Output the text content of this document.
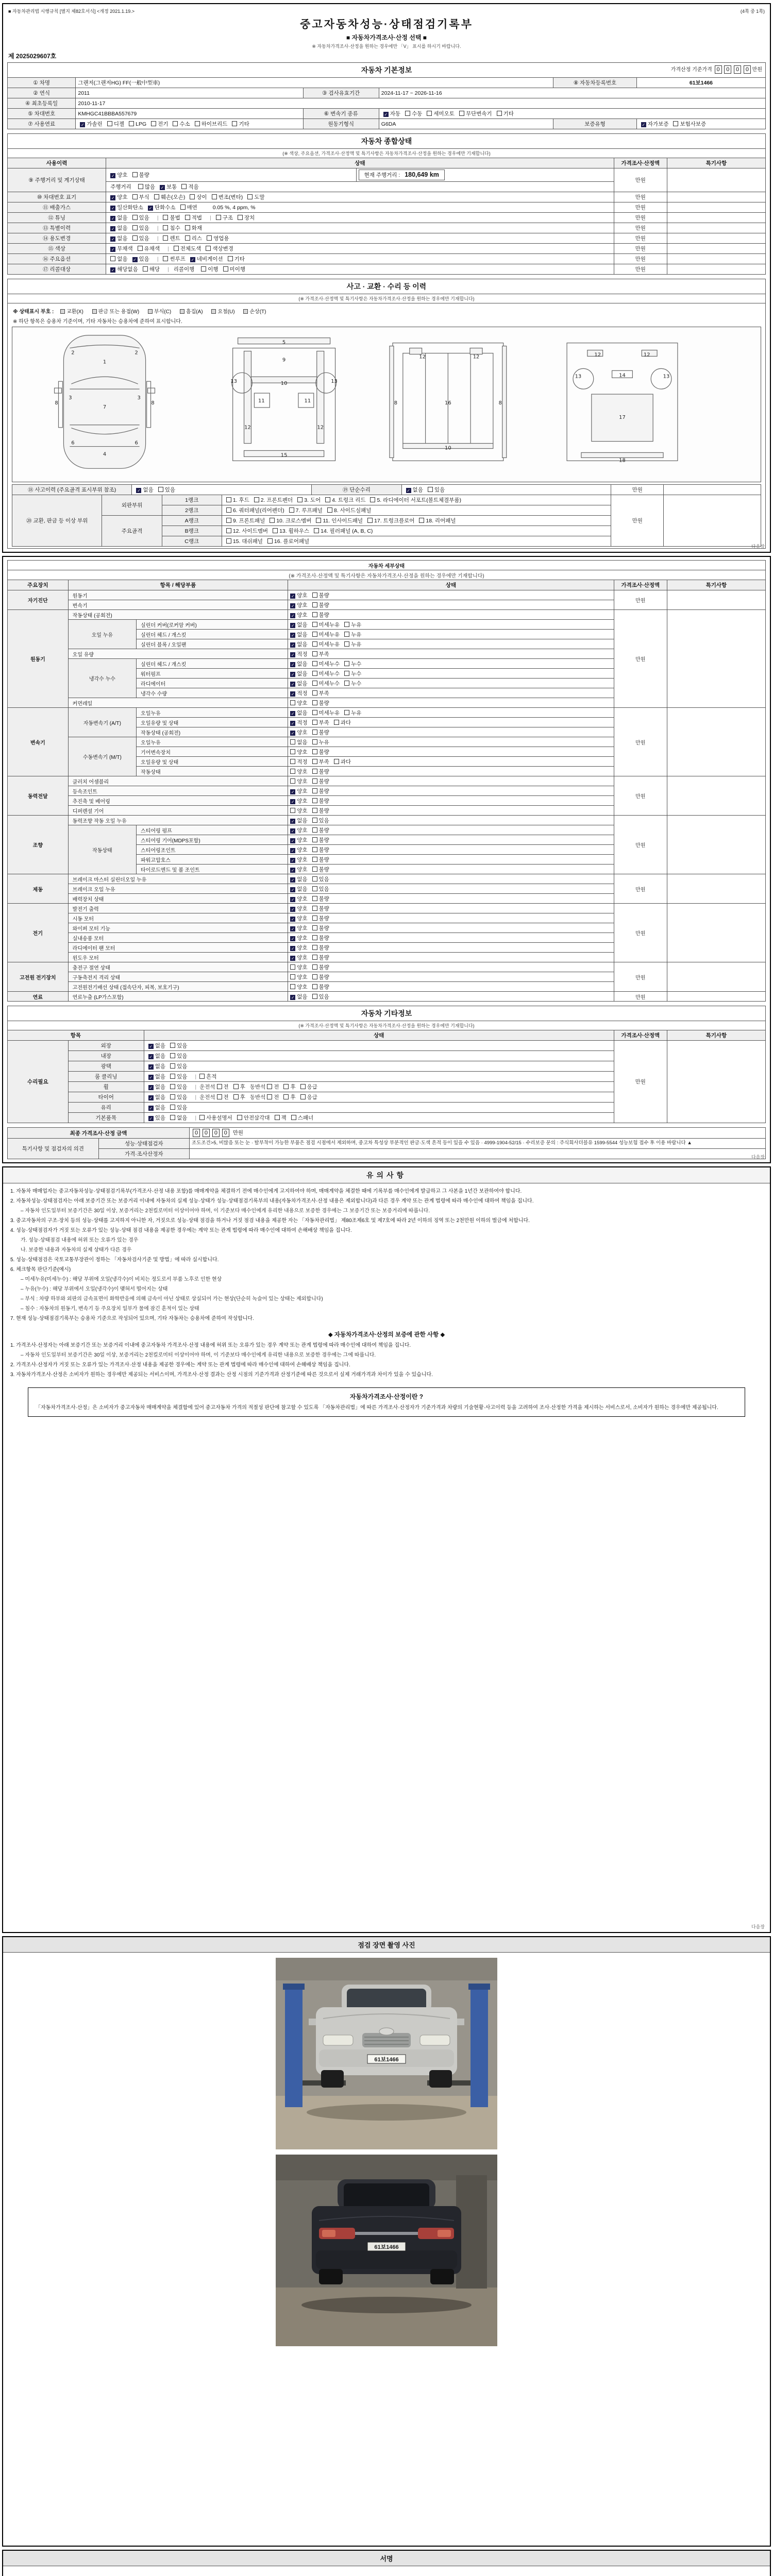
■ 자동차관리법 시행규칙 [별지 제82호서식] <개정 2021.1.19.>	(4쪽 중 1쪽)
중고자동차성능·상태점검기록부
■ 자동차가격조사·산정 선택 ■
※ 자동차가격조사·산정을 원하는 경우에만 「V」 표시를 하시기 바랍니다.
제 2025029607호
자동차 기본정보 가격산정 기준가격 0 0 0 0 만원					

① 차명	그랜저(그랜저HG) FF(一般中型車)			⑧ 자동차등록번호	61보1466
② 연식	2011	③ 검사유효기간	2024-11-17 ~ 2026-11-16		
④ 최초등록일	2010-11-17				
⑤ 차대번호	KMHGC41BBBA557679	⑥ 변속기 종류	✓ 자동 수동 세미오토 무단변속기 기타		
⑦ 사용연료	✓ 가솔린 디젤 LPG 전기 수소 하이브리드 기타	원동기형식	G6DA	보증유형	✓ 자가보증 보험사보증
자동차 종합상태				
(※ 색상, 주요옵션, 가격조사·산정액 및 특기사항은 자동차가격조사·산정을 원하는 경우에만 기재합니다)				
사용이력	상태		가격조사·산정액	특기사항
⑨ 주행거리 및 계기상태	✓ 양호 불량	현재 주행거리 : 180,649 km	만원	
	주행거리 많음 ✓ 보통 적음			
⑩ 차대번호 표기	✓ 양호 부식 훼손(오손) 상이 변조(변타) 도말		만원	
⑪ 배출가스	✓ 일산화탄소 ✓ 탄화수소 매연 0.05 %, 4 ppm, %		만원	
⑫ 튜닝	✓ 없음 있음 | 불법 적법 | 구조 장치		만원	
⑬ 특별이력	✓ 없음 있음 | 침수 화재		만원	
⑭ 용도변경	✓ 없음 있음 | 렌트 리스 영업용		만원	
⑮ 색상	✓ 무채색 유채색 | 전체도색 색상변경		만원	
⑯ 주요옵션	없음 ✓ 있음 | 썬루프 ✓ 네비게이션 기타		만원	
⑰ 리콜대상	✓ 해당없음 해당 | 리콜이행 이행 미이행		만원	
사고 · 교환 · 수리 등 이력
(※ 가격조사·산정액 및 특기사항은 자동차가격조사·산정을 원하는 경우에만 기재합니다)
※ 상태표시 부호 : 교환(X)	판금 또는 용접(W)	부식(C)	흠집(A)	요철(U)	손상(T)
※ 하단 항목은 승용차 기준이며, 기타 자동차는 승용차에 준하여 표시합니다.
1
2	2
3	3
7
6	6
4
8	8
5
9
10
11	11
13	13
12	12
15
16
8	8
12	12
10
17
18
13	13
12	12
14
⑱ 사고이력 (주요골격 표시부위 참조)	✓ 없음 있음	⑲ 단순수리	✓ 없음 있음	만원	
⑳ 교환, 판금 등 이상 부위	외판부위	1랭크	1. 후드 2. 프론트펜더 3. 도어 4. 트렁크 리드 5. 라디에이터 서포트(볼트체결부품)	만원	
		2랭크	6. 쿼터패널(리어펜더) 7. 루프패널 8. 사이드실패널		
	주요골격	A랭크	9. 프론트패널 10. 크로스멤버 11. 인사이드패널 17. 트렁크플로어 18. 리어패널		
		B랭크	12. 사이드멤버 13. 휠하우스 14. 필러패널 (A, B, C)		
		C랭크	15. 대쉬패널 16. 플로어패널		
다음장
자동차 세부상태					
(※ 가격조사·산정액 및 특기사항은 자동차가격조사·산정을 원하는 경우에만 기재합니다)					
주요장치	항목 / 해당부품		상태	가격조사·산정액	특기사항
자기진단	원동기		✓ 양호 불량	만원	
	변속기		✓ 양호 불량		
원동기	작동상태 (공회전)		✓ 양호 불량	만원	
	오일 누유	실린더 커버(로커암 커버)	✓ 없음 미세누유 누유		
		실린더 헤드 / 개스킷	✓ 없음 미세누유 누유		
		실린더 블록 / 오일팬	✓ 없음 미세누유 누유		
	오일 유량		✓ 적정 부족		
	냉각수 누수	실린더 헤드 / 개스킷	✓ 없음 미세누수 누수		
		워터펌프	✓ 없음 미세누수 누수		
		라디에이터	✓ 없음 미세누수 누수		
		냉각수 수량	✓ 적정 부족		
	커먼레일		양호 불량		
변속기	자동변속기 (A/T)	오일누유	✓ 없음 미세누유 누유	만원	
		오일유량 및 상태	✓ 적정 부족 과다		
		작동상태 (공회전)	✓ 양호 불량		
	수동변속기 (M/T)	오일누유	없음 누유		
		기어변속장치	양호 불량		
		오일유량 및 상태	적정 부족 과다		
		작동상태	양호 불량		
동력전달	클러치 어셈블리		양호 불량	만원	
	등속조인트		✓ 양호 불량		
	추진축 및 베어링		✓ 양호 불량		
	디퍼렌셜 기어		양호 불량		
조향	동력조향 작동 오일 누유		✓ 없음 있음	만원	
	작동상태	스티어링 펌프	✓ 양호 불량		
		스티어링 기어(MDPS포함)	✓ 양호 불량		
		스티어링조인트	✓ 양호 불량		
		파워고압호스	✓ 양호 불량		
		타이로드엔드 및 볼 조인트	✓ 양호 불량		
제동	브레이크 마스터 실린더오일 누유		✓ 없음 있음	만원	
	브레이크 오일 누유		✓ 없음 있음		
	배력장치 상태		✓ 양호 불량		
전기	발전기 출력		✓ 양호 불량	만원	
	시동 모터		✓ 양호 불량		
	와이퍼 모터 기능		✓ 양호 불량		
	실내송풍 모터		✓ 양호 불량		
	라디에이터 팬 모터		✓ 양호 불량		
	윈도우 모터		✓ 양호 불량		
고전원 전기장치	충전구 절연 상태		양호 불량	만원	
	구동축전지 격리 상태		양호 불량		
	고전원전기배선 상태 (접속단자, 피복, 보호기구)		양호 불량		
연료	연료누출 (LP가스포함)		✓ 없음 있음	만원	
자동차 기타정보				
(※ 가격조사·산정액 및 특기사항은 자동차가격조사·산정을 원하는 경우에만 기재합니다)				
항목		상태	가격조사·산정액	특기사항
수리필요	외장	✓ 없음 있음	만원	
	내장	✓ 없음 있음		
	광택	✓ 없음 있음		
	룸 클리닝	✓ 없음 있음 | 흔적		
	휠	✓ 없음 있음 | 운전석 전 후 동반석 전 후 응급		
	타이어	✓ 없음 있음 | 운전석 전 후 동반석 전 후 응급		
	유리	✓ 없음 있음		
	기본품목	✓ 있음 없음 | 사용설명서 안전삼각대 잭 스패너		
최종 가격조사·산정 금액		0 0 0 0 만원
특기사항 및 점검자의 의견	성능·상태점검자	조도조건>5, 비많음 또는 눈 · 탈부착이 가능한 부품은 점검 시점에서 제외하며, 중고차 특성상 부분적인 판금·도색 흔적 등이 있을 수 있음 · 4999-1904-52/15 · 수리보증 문의 : 주식회사더블유 1599-5544 성능보험 접수 후 이용 바랍니다 ▲
	가격·조사산정자		다음장
유의사항
1. 자동차 매매업자는 중고자동차성능·상태점검기록부(가격조사·산정 내용 포함)를 매매계약을 체결하기 전에 매수인에게 고지하여야 하며, 매매계약을 체결한 때에 기록부를 매수인에게 발급하고 그 사본을 1년간 보관하여야 합니다.
2. 자동차성능·상태점검자는 아래 보증기간 또는 보증거리 이내에 자동차의 실제 성능·상태가 성능·상태점검기록부의 내용(자동차가격조사·산정 내용은 제외합니다)과 다른 경우 계약 또는 관계 법령에 따라 매수인에 대하여 책임을 집니다.
– 자동차 인도일부터 보증기간은 30일 이상, 보증거리는 2천킬로미터 이상이어야 하며, 이 기준보다 매수인에게 유리한 내용으로 보증한 경우에는 그 보증기간 또는 보증거리에 따릅니다.
3. 중고자동차의 구조·장치 등의 성능·상태를 고지하지 아니한 자, 거짓으로 성능·상태 점검을 하거나 거짓 점검 내용을 제공한 자는 「자동차관리법」 제80조제6호 및 제7호에 따라 2년 이하의 징역 또는 2천만원 이하의 벌금에 처합니다.
4. 성능·상태점검자가 거짓 또는 오류가 있는 성능·상태 점검 내용을 제공한 경우에는 계약 또는 관계 법령에 따라 매수인에 대하여 손해배상 책임을 집니다.
가. 성능·상태점검 내용에 허위 또는 오류가 있는 경우
나. 보증한 내용과 자동차의 실제 상태가 다른 경우
5. 성능·상태점검은 국토교통부장관이 정하는 「자동차검사기준 및 방법」에 따라 실시합니다.
6. 체크항목 판단기준(예시)
– 미세누유(미세누수) : 해당 부위에 오일(냉각수)이 비치는 정도로서 부품 노후로 인한 현상
– 누유(누수) : 해당 부위에서 오일(냉각수)이 맺혀서 떨어지는 상태
– 부식 : 차량 하부와 외판의 금속표면이 화학반응에 의해 금속이 아닌 상태로 상실되어 가는 현상(단순히 녹슬어 있는 상태는 제외합니다)
– 침수 : 자동차의 원동기, 변속기 등 주요장치 일부가 물에 잠긴 흔적이 있는 상태
7. 현재 성능·상태점검기록부는 승용차 기준으로 작성되어 있으며, 기타 자동차는 승용차에 준하여 작성합니다.
◆ 자동차가격조사·산정의 보증에 관한 사항 ◆
1. 가격조사·산정자는 아래 보증기간 또는 보증거리 이내에 중고자동차 가격조사·산정 내용에 허위 또는 오류가 있는 경우 계약 또는 관계 법령에 따라 매수인에 대하여 책임을 집니다.
– 자동차 인도일부터 보증기간은 30일 이상, 보증거리는 2천킬로미터 이상이어야 하며, 이 기준보다 매수인에게 유리한 내용으로 보증한 경우에는 그에 따릅니다.
2. 가격조사·산정자가 거짓 또는 오류가 있는 가격조사·산정 내용을 제공한 경우에는 계약 또는 관계 법령에 따라 매수인에 대하여 손해배상 책임을 집니다.
3. 자동차가격조사·산정은 소비자가 원하는 경우에만 제공되는 서비스이며, 가격조사·산정 결과는 산정 시점의 기준가격과 산정기준에 따른 것으로서 실제 거래가격과 차이가 있을 수 있습니다.
자동차가격조사·산정이란 ?
「자동차가격조사·산정」은 소비자가 중고자동차 매매계약을 체결함에 있어 중고자동차 가격의 적절성 판단에 참고할 수 있도록 「자동차관리법」에 따른 가격조사·산정자가 기준가격과 차량의 기술현황·사고이력 등을 고려하여 조사·산정한 가격을 제시하는 서비스로서, 소비자가 원하는 경우에만 제공됩니다.
다음장
점검 장면 촬영 사진
61보1466
61보1466
서명
